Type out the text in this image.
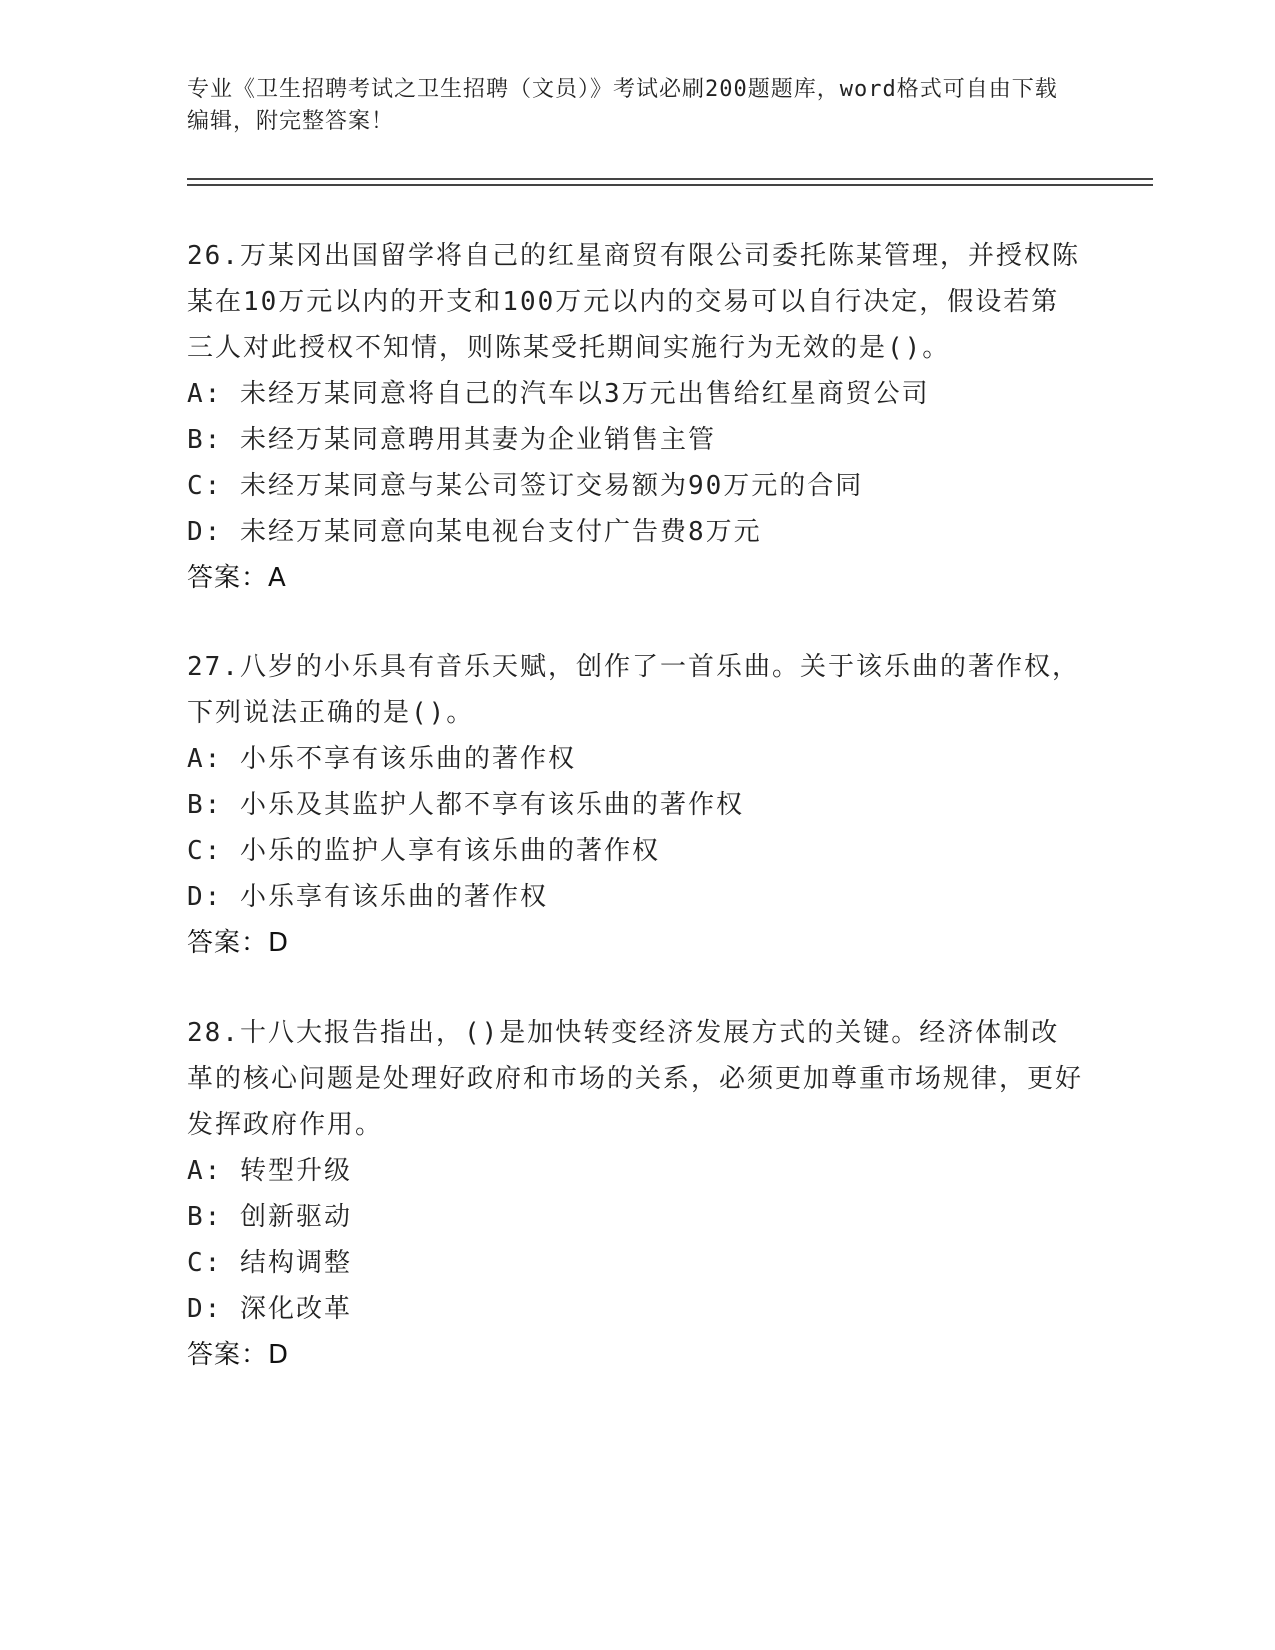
专业《卫生招聘考试之卫生招聘（文员）》考试必刷200题题库，word格式可自由下载编辑，附完整答案！
26.万某冈出国留学将自己的红星商贸有限公司委托陈某管理，并授权陈某在10万元以内的开支和100万元以内的交易可以自行决定，假设若第三人对此授权不知情，则陈某受托期间实施行为无效的是()。
A: 未经万某同意将自己的汽车以3万元出售给红星商贸公司
B: 未经万某同意聘用其妻为企业销售主管
C: 未经万某同意与某公司签订交易额为90万元的合同
D: 未经万某同意向某电视台支付广告费8万元
答案：A
27.八岁的小乐具有音乐天赋，创作了一首乐曲。关于该乐曲的著作权，下列说法正确的是()。
A: 小乐不享有该乐曲的著作权
B: 小乐及其监护人都不享有该乐曲的著作权
C: 小乐的监护人享有该乐曲的著作权
D: 小乐享有该乐曲的著作权
答案：D
28.十八大报告指出，()是加快转变经济发展方式的关键。经济体制改革的核心问题是处理好政府和市场的关系，必须更加尊重市场规律，更好发挥政府作用。
A: 转型升级
B: 创新驱动
C: 结构调整
D: 深化改革
答案：D
